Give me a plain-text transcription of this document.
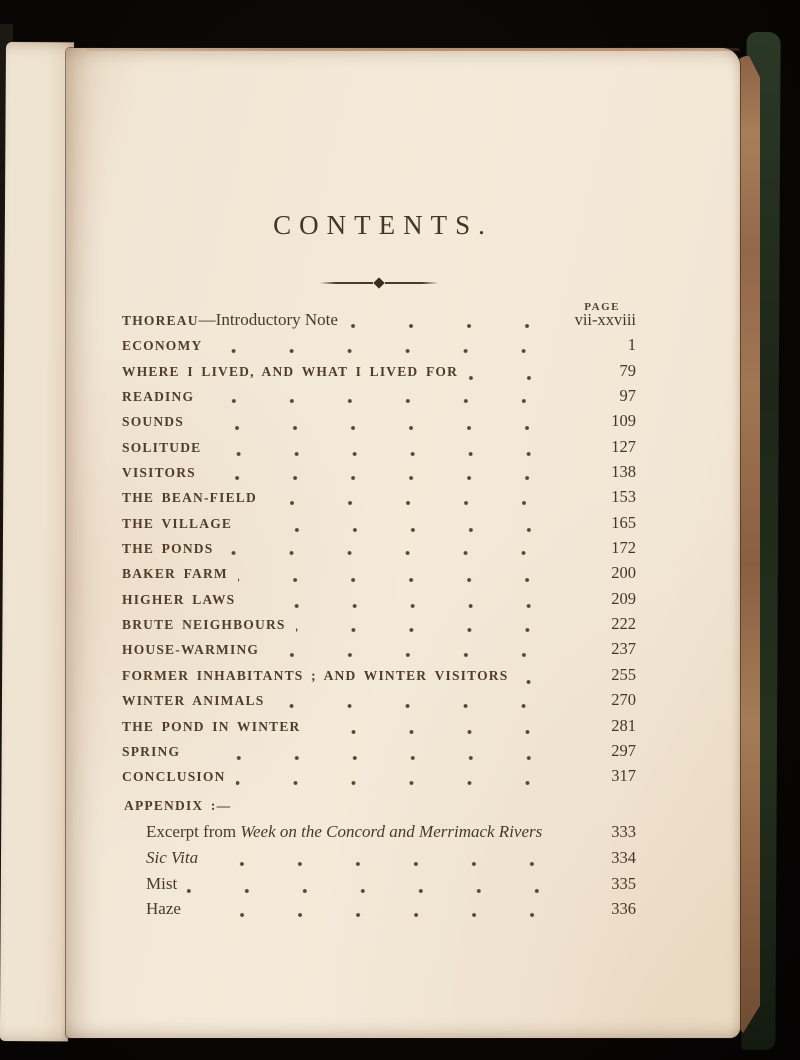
CONTENTS.
PAGE
THOREAU—Introductory Note	vii-xxviii
ECONOMY	1
WHERE I LIVED, AND WHAT I LIVED FOR	79
READING	97
SOUNDS	109
SOLITUDE	127
VISITORS	138
THE BEAN-FIELD	153
THE VILLAGE	165
THE PONDS	172
BAKER FARM	200
HIGHER LAWS	209
BRUTE NEIGHBOURS	222
HOUSE-WARMING	237
FORMER INHABITANTS ; AND WINTER VISITORS	255
WINTER ANIMALS	270
THE POND IN WINTER	281
SPRING	297
CONCLUSION	317
APPENDIX :—
Excerpt from Week on the Concord and Merrimack Rivers	333
Sic Vita	334
Mist	335
Haze	336
